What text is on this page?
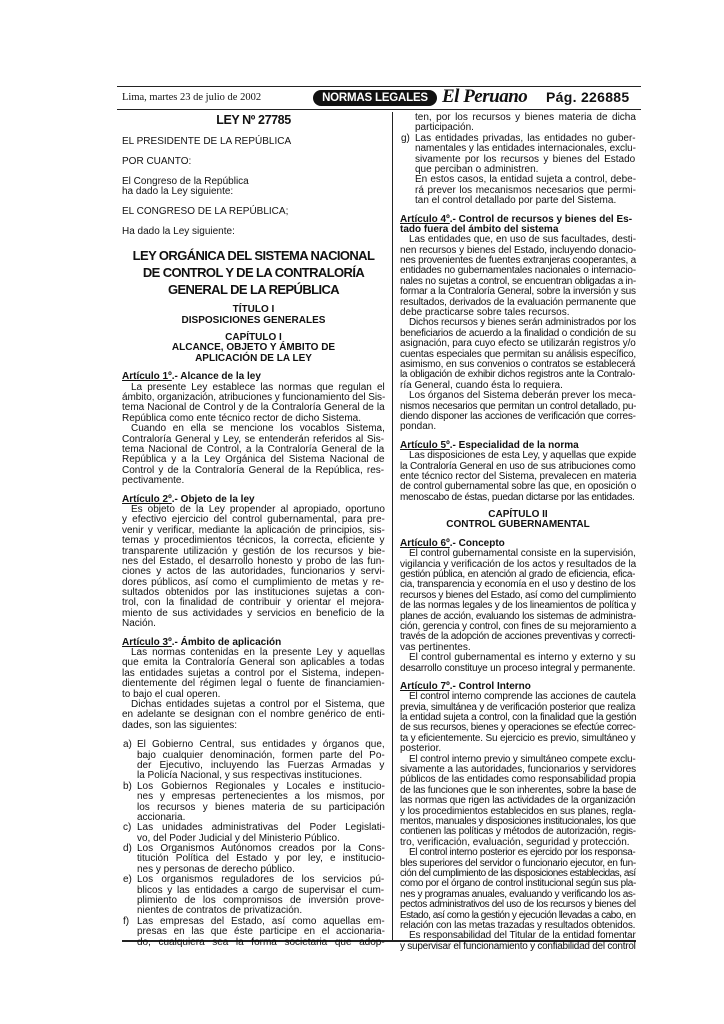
Lima, martes 23 de julio de 2002	NORMAS LEGALES El Peruano Pág. 226885
LEY Nº 27785
EL PRESIDENTE DE LA REPÚBLICA
POR CUANTO:
El Congreso de la República
ha dado la Ley siguiente:
EL CONGRESO DE LA REPÚBLICA;
Ha dado la Ley siguiente:
LEY ORGÁNICA DEL SISTEMA NACIONAL
DE CONTROL Y DE LA CONTRALORÍA
GENERAL DE LA REPÚBLICA
TÍTULO I
DISPOSICIONES GENERALES
CAPÍTULO I
ALCANCE, OBJETO Y ÁMBITO DE
APLICACIÓN DE LA LEY
Artículo 1º.- Alcance de la ley
La presente Ley establece las normas que regulan el
ámbito, organización, atribuciones y funcionamiento del Sis-
tema Nacional de Control y de la Contraloría General de la
República como ente técnico rector de dicho Sistema.
Cuando en ella se mencione los vocablos Sistema,
Contraloría General y Ley, se entenderán referidos al Sis-
tema Nacional de Control, a la Contraloría General de la
República y a la Ley Orgánica del Sistema Nacional de
Control y de la Contraloría General de la República, res-
pectivamente.
Artículo 2º.- Objeto de la ley
Es objeto de la Ley propender al apropiado, oportuno
y efectivo ejercicio del control gubernamental, para pre-
venir y verificar, mediante la aplicación de principios, sis-
temas y procedimientos técnicos, la correcta, eficiente y
transparente utilización y gestión de los recursos y bie-
nes del Estado, el desarrollo honesto y probo de las fun-
ciones y actos de las autoridades, funcionarios y servi-
dores públicos, así como el cumplimiento de metas y re-
sultados obtenidos por las instituciones sujetas a con-
trol, con la finalidad de contribuir y orientar el mejora-
miento de sus actividades y servicios en beneficio de la
Nación.
Artículo 3º.- Ámbito de aplicación
Las normas contenidas en la presente Ley y aquellas
que emita la Contraloría General son aplicables a todas
las entidades sujetas a control por el Sistema, indepen-
dientemente del régimen legal o fuente de financiamien-
to bajo el cual operen.
Dichas entidades sujetas a control por el Sistema, que
en adelante se designan con el nombre genérico de enti-
dades, son las siguientes:
a) El Gobierno Central, sus entidades y órganos que,
bajo cualquier denominación, formen parte del Po-
der Ejecutivo, incluyendo las Fuerzas Armadas y
la Policía Nacional, y sus respectivas instituciones.
b) Los Gobiernos Regionales y Locales e institucio-
nes y empresas pertenecientes a los mismos, por
los recursos y bienes materia de su participación
accionaria.
c) Las unidades administrativas del Poder Legislati-
vo, del Poder Judicial y del Ministerio Público.
d) Los Organismos Autónomos creados por la Cons-
titución Política del Estado y por ley, e institucio-
nes y personas de derecho público.
e) Los organismos reguladores de los servicios pú-
blicos y las entidades a cargo de supervisar el cum-
plimiento de los compromisos de inversión prove-
nientes de contratos de privatización.
f) Las empresas del Estado, así como aquellas em-
presas en las que éste participe en el accionaria-
do, cualquiera sea la forma societaria que adop-
ten, por los recursos y bienes materia de dicha
participación.
g) Las entidades privadas, las entidades no guber-
namentales y las entidades internacionales, exclu-
sivamente por los recursos y bienes del Estado
que perciban o administren.
En estos casos, la entidad sujeta a control, debe-
rá prever los mecanismos necesarios que permi-
tan el control detallado por parte del Sistema.
Artículo 4º.- Control de recursos y bienes del Es-
tado fuera del ámbito del sistema
Las entidades que, en uso de sus facultades, desti-
nen recursos y bienes del Estado, incluyendo donacio-
nes provenientes de fuentes extranjeras cooperantes, a
entidades no gubernamentales nacionales o internacio-
nales no sujetas a control, se encuentran obligadas a in-
formar a la Contraloría General, sobre la inversión y sus
resultados, derivados de la evaluación permanente que
debe practicarse sobre tales recursos.
Dichos recursos y bienes serán administrados por los
beneficiarios de acuerdo a la finalidad o condición de su
asignación, para cuyo efecto se utilizarán registros y/o
cuentas especiales que permitan su análisis específico,
asimismo, en sus convenios o contratos se establecerá
la obligación de exhibir dichos registros ante la Contralo-
ría General, cuando ésta lo requiera.
Los órganos del Sistema deberán prever los meca-
nismos necesarios que permitan un control detallado, pu-
diendo disponer las acciones de verificación que corres-
pondan.
Artículo 5º.- Especialidad de la norma
Las disposiciones de esta Ley, y aquellas que expide
la Contraloría General en uso de sus atribuciones como
ente técnico rector del Sistema, prevalecen en materia
de control gubernamental sobre las que, en oposición o
menoscabo de éstas, puedan dictarse por las entidades.
CAPÍTULO II
CONTROL GUBERNAMENTAL
Artículo 6º.- Concepto
El control gubernamental consiste en la supervisión,
vigilancia y verificación de los actos y resultados de la
gestión pública, en atención al grado de eficiencia, efica-
cia, transparencia y economía en el uso y destino de los
recursos y bienes del Estado, así como del cumplimiento
de las normas legales y de los lineamientos de política y
planes de acción, evaluando los sistemas de administra-
ción, gerencia y control, con fines de su mejoramiento a
través de la adopción de acciones preventivas y correcti-
vas pertinentes.
El control gubernamental es interno y externo y su
desarrollo constituye un proceso integral y permanente.
Artículo 7º.- Control Interno
El control interno comprende las acciones de cautela
previa, simultánea y de verificación posterior que realiza
la entidad sujeta a control, con la finalidad que la gestión
de sus recursos, bienes y operaciones se efectúe correc-
ta y eficientemente. Su ejercicio es previo, simultáneo y
posterior.
El control interno previo y simultáneo compete exclu-
sivamente a las autoridades, funcionarios y servidores
públicos de las entidades como responsabilidad propia
de las funciones que le son inherentes, sobre la base de
las normas que rigen las actividades de la organización
y los procedimientos establecidos en sus planes, regla-
mentos, manuales y disposiciones institucionales, los que
contienen las políticas y métodos de autorización, regis-
tro, verificación, evaluación, seguridad y protección.
El control interno posterior es ejercido por los responsa-
bles superiores del servidor o funcionario ejecutor, en fun-
ción del cumplimiento de las disposiciones establecidas, así
como por el órgano de control institucional según sus pla-
nes y programas anuales, evaluando y verificando los as-
pectos administrativos del uso de los recursos y bienes del
Estado, así como la gestión y ejecución llevadas a cabo, en
relación con las metas trazadas y resultados obtenidos.
Es responsabilidad del Titular de la entidad fomentar
y supervisar el funcionamiento y confiabilidad del control
